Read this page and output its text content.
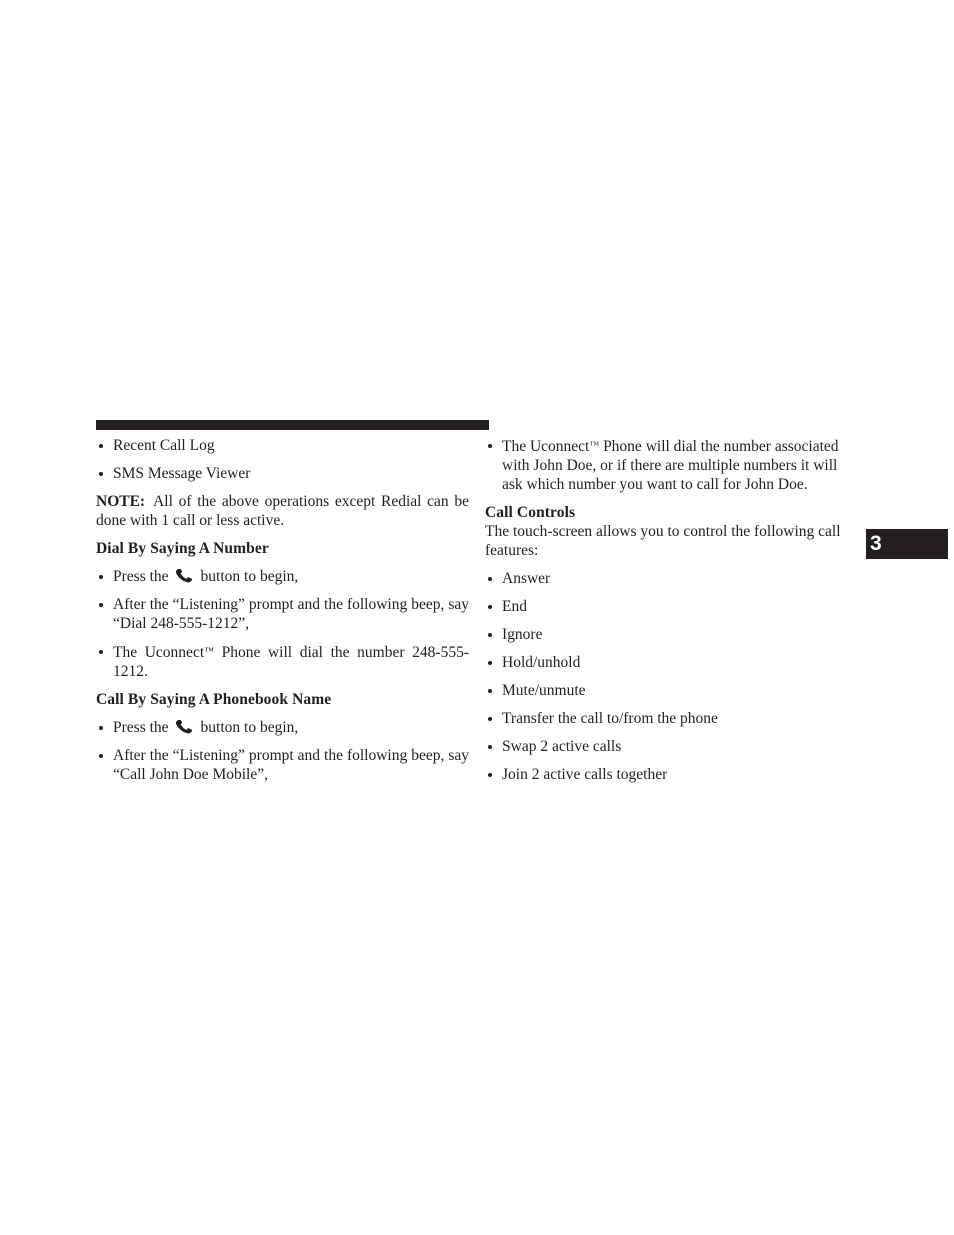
3
Recent Call Log
SMS Message Viewer
NOTE: All of the above operations except Redial can be done with 1 call or less active.
Dial By Saying A Number
Press the button to begin,
After the “Listening” prompt and the following beep, say “Dial 248-555-1212”,
The Uconnect™ Phone will dial the number 248-555-1212.
Call By Saying A Phonebook Name
Press the button to begin,
After the “Listening” prompt and the following beep, say “Call John Doe Mobile”,
The Uconnect™ Phone will dial the number associated with John Doe, or if there are multiple numbers it will ask which number you want to call for John Doe.
Call Controls
The touch-screen allows you to control the following call features:
Answer
End
Ignore
Hold/unhold
Mute/unmute
Transfer the call to/from the phone
Swap 2 active calls
Join 2 active calls together
